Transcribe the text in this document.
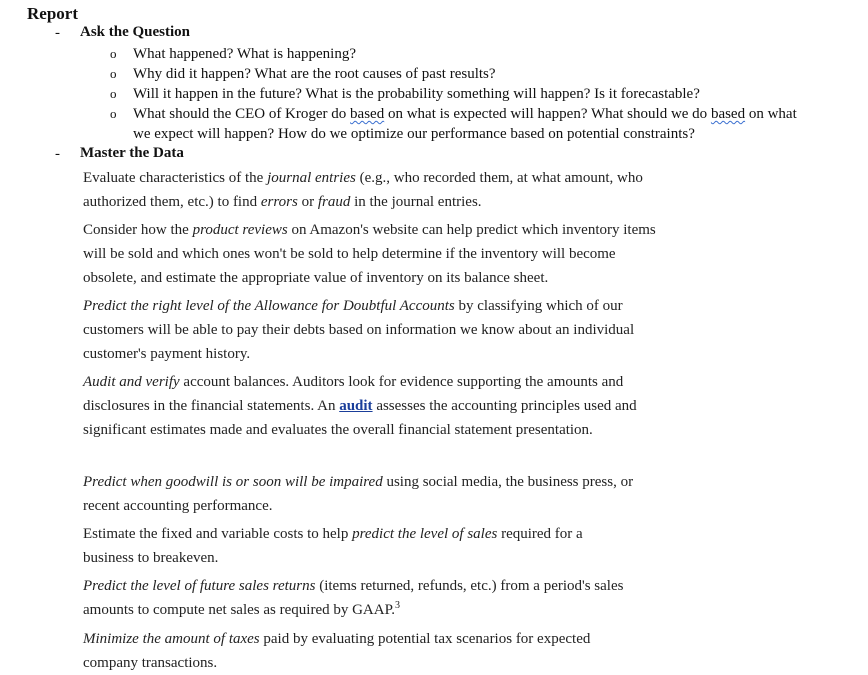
Report
- Ask the Question
o What happened? What is happening?
o Why did it happen? What are the root causes of past results?
o Will it happen in the future? What is the probability something will happen? Is it forecastable?
o What should the CEO of Kroger do based on what is expected will happen? What should we do based on what
we expect will happen? How do we optimize our performance based on potential constraints?
- Master the Data
Evaluate characteristics of the journal entries (e.g., who recorded them, at what amount, who authorized them, etc.) to find errors or fraud in the journal entries.
Consider how the product reviews on Amazon's website can help predict which inventory items will be sold and which ones won't be sold to help determine if the inventory will become obsolete, and estimate the appropriate value of inventory on its balance sheet.
Predict the right level of the Allowance for Doubtful Accounts by classifying which of our customers will be able to pay their debts based on information we know about an individual customer's payment history.
Audit and verify account balances. Auditors look for evidence supporting the amounts and disclosures in the financial statements. An audit assesses the accounting principles used and significant estimates made and evaluates the overall financial statement presentation.
Predict when goodwill is or soon will be impaired using social media, the business press, or recent accounting performance.
Estimate the fixed and variable costs to help predict the level of sales required for a business to breakeven.
Predict the level of future sales returns (items returned, refunds, etc.) from a period's sales amounts to compute net sales as required by GAAP.$^3$
Minimize the amount of taxes paid by evaluating potential tax scenarios for expected company transactions.
